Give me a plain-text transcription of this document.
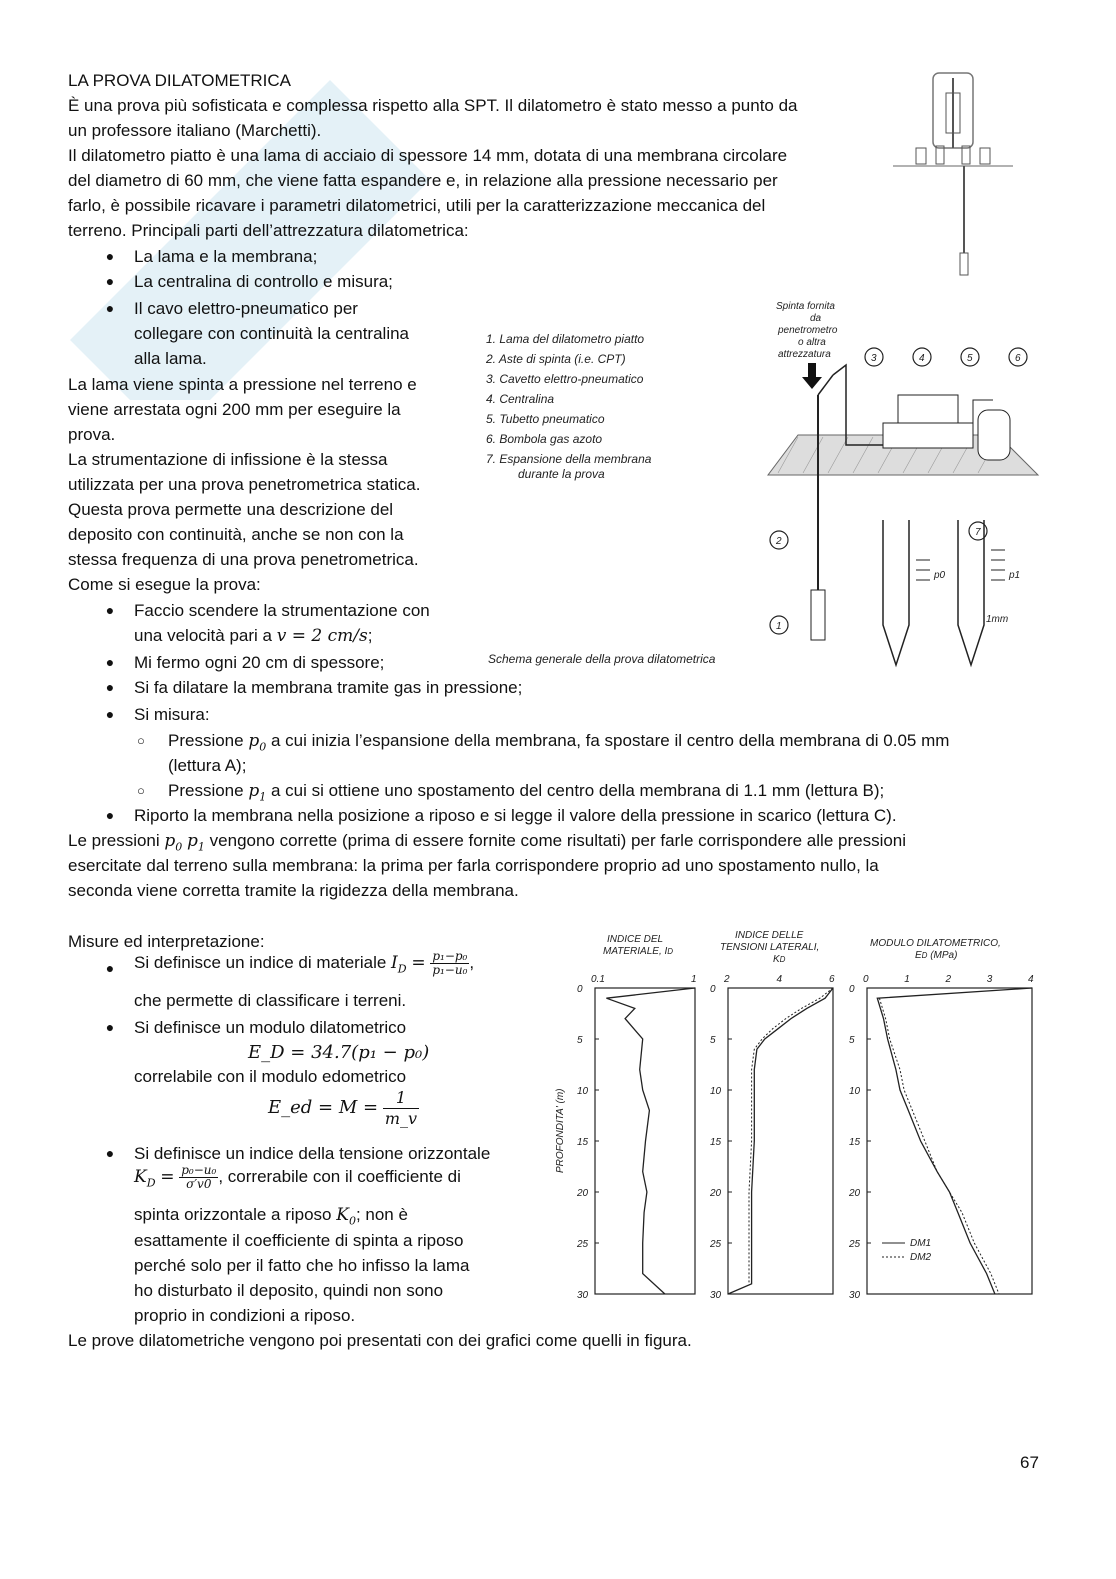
LA PROVA DILATOMETRICA
È una prova più sofisticata e complessa rispetto alla SPT. Il dilatometro è stato messo a punto da
un professore italiano (Marchetti).
Il dilatometro piatto è una lama di acciaio di spessore 14 mm, dotata di una membrana circolare
del diametro di 60 mm, che viene fatta espandere e, in relazione alla pressione necessario per
farlo, è possibile ricavare i parametri dilatometrici, utili per la caratterizzazione meccanica del
terreno. Principali parti dell’attrezzatura dilatometrica:
● La lama e la membrana;
● La centralina di controllo e misura;
● Il cavo elettro-pneumatico per
collegare con continuità la centralina
alla lama.
La lama viene spinta a pressione nel terreno e
viene arrestata ogni 200 mm per eseguire la
prova.
La strumentazione di infissione è la stessa
utilizzata per una prova penetrometrica statica.
Questa prova permette una descrizione del
deposito con continuità, anche se non con la
stessa frequenza di una prova penetrometrica.
Come si esegue la prova:
● Faccio scendere la strumentazione con
una velocità pari a v = 2 cm/s;
● Mi fermo ogni 20 cm di spessore;
● Si fa dilatare la membrana tramite gas in pressione;
● Si misura:
○ Pressione $p_0$ a cui inizia l’espansione della membrana, fa spostare il centro della membrana di 0.05 mm
(lettura A);
○ Pressione $p_1$ a cui si ottiene uno spostamento del centro della membrana di 1.1 mm (lettura B);
● Riporto la membrana nella posizione a riposo e si legge il valore della pressione in scarico (lettura C).
Le pressioni $p_0$ $p_1$ vengono corrette (prima di essere fornite come risultati) per farle corrispondere alle pressioni
esercitate dal terreno sulla membrana: la prima per farla corrispondere proprio ad uno spostamento nullo, la
seconda viene corretta tramite la rigidezza della membrana.
Misure ed interpretazione:
● Si definisce un indice di materiale $I_D = \frac{\text{p₁−p₀}}{\text{p₁−u₀}}$ ,
che permette di classificare i terreni.
● Si definisce un modulo dilatometrico
E_D = 34.7(p₁ − p₀)
correlabile con il modulo edometrico
E_ed = $M = \frac{1}{m\_v}$
● Si definisce un indice della tensione orizzontale
$K_D = \frac{\text{p₀−u₀}}{\sigma'v0}$ , correrabile con il coefficiente di
spinta orizzontale a riposo $K_0$; non è
esattamente il coefficiente di spinta a riposo
perché solo per il fatto che ho infisso la lama
ho disturbato il deposito, quindi non sono
proprio in condizioni a riposo.
Le prove dilatometriche vengono poi presentati con dei grafici come quelli in figura.
67
1. Lama del dilatometro piatto
2. Aste di spinta (i.e. CPT)
3. Cavetto elettro-pneumatico
4. Centralina
5. Tubetto pneumatico
6. Bombola gas azoto
7. Espansione della membrana
durante la prova
Spinta fornita
da
penetrometro
o altra
attrezzatura
1
2
3	4	5	6
7
p0	p1
1mm
Schema generale della prova dilatometrica
INDICE DEL
MATERIALE, ID
INDICE DELLE
TENSIONI LATERALI,
KD
MODULO DILATOMETRICO,
ED (MPa)
PROFONDITA' (m)
0.1	1
0
5
10
15
20
25
30
2	4	6
0
5
10
15
20
25
30
0	1	2	3	4
0
5
10
15
20
25
30
DM1
DM2
